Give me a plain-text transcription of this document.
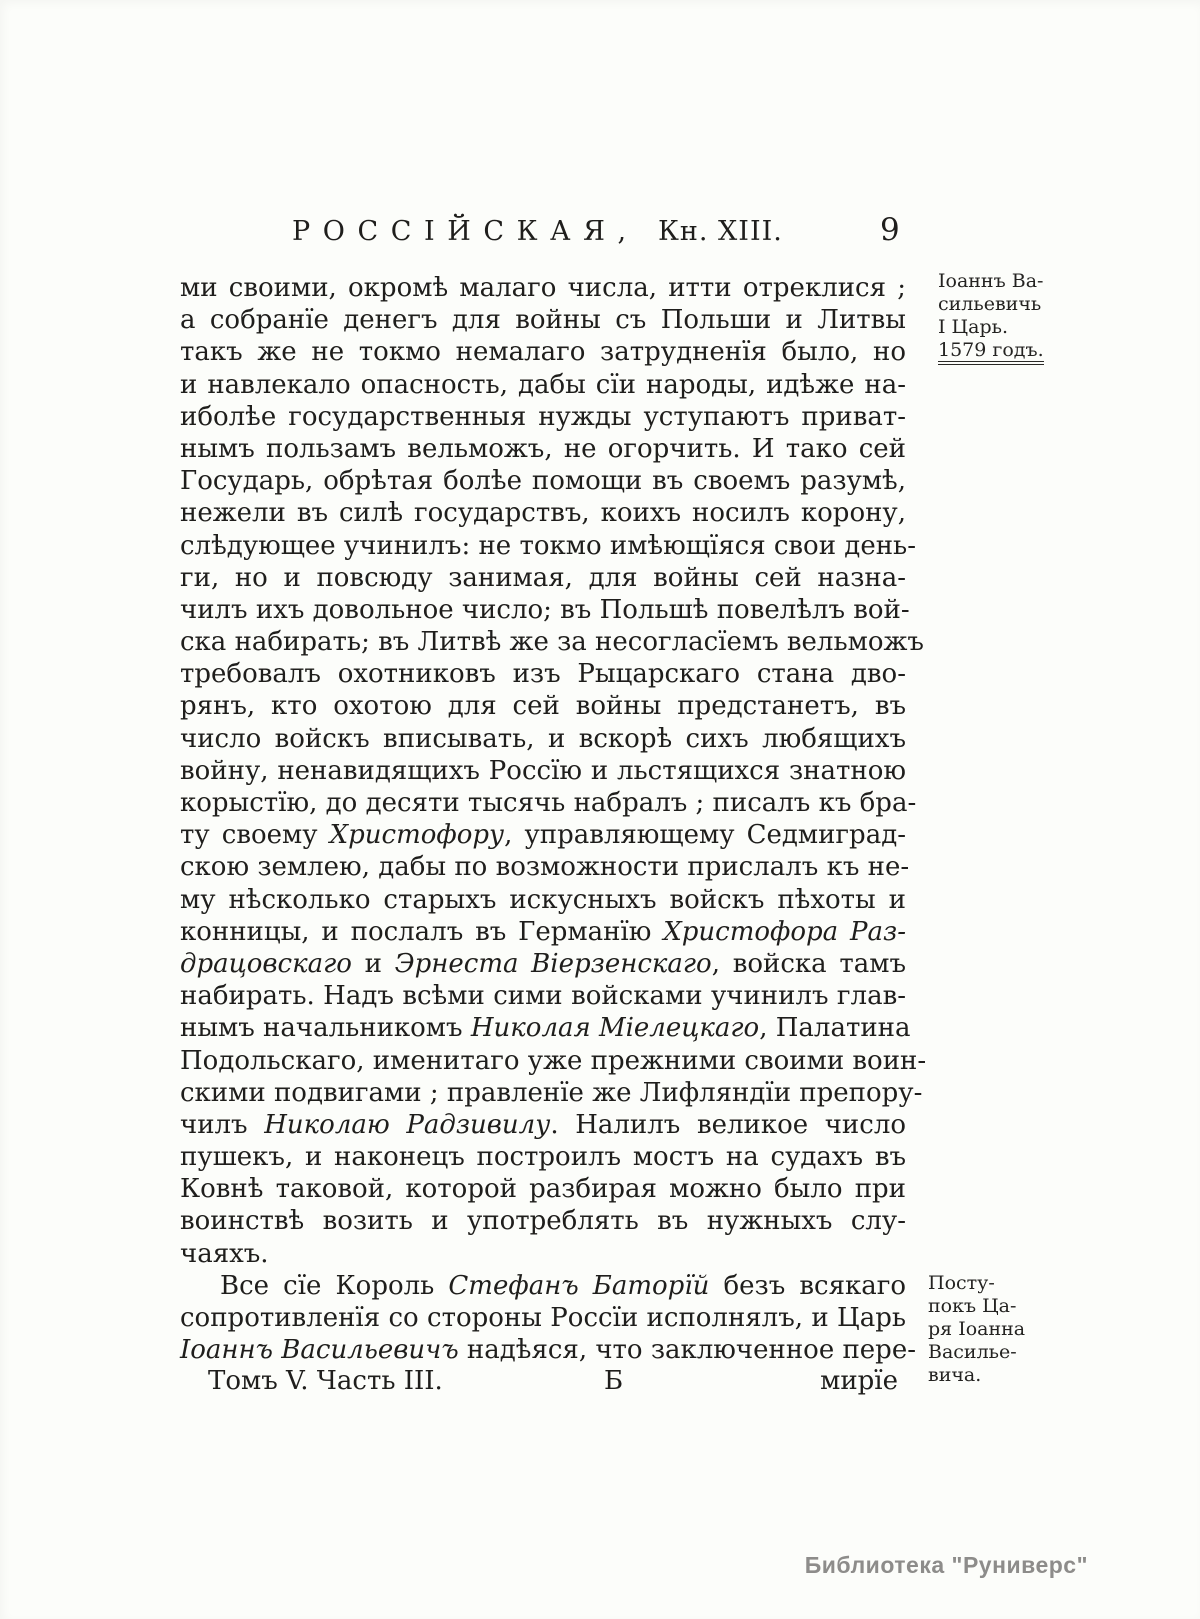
Р О С С І Й С К А Я , Кн. XIII.	9
ми своими, окромѣ малаго числа, итти отреклися ;
а собранїе денегъ для войны съ Польши и Литвы
такъ же не токмо немалаго затрудненїя было, но
и навлекало опасность, дабы сїи народы, идѣже на-
иболѣе государственныя нужды уступаютъ приват-
нымъ пользамъ вельможъ, не огорчить. И тако сей
Государь, обрѣтая болѣе помощи въ своемъ разумѣ,
нежели въ силѣ государствъ, коихъ носилъ корону,
слѣдующее учинилъ: не токмо имѣющїяся свои день-
ги, но и повсюду занимая, для войны сей назна-
чилъ ихъ довольное число; въ Польшѣ повелѣлъ вой-
ска набирать; въ Литвѣ же за несогласїемъ вельможъ
требовалъ охотниковъ изъ Рыцарскаго стана дво-
рянъ, кто охотою для сей войны предстанетъ, въ
число войскъ вписывать, и вскорѣ сихъ любящихъ
войну, ненавидящихъ Россїю и льстящихся знатною
корыстїю, до десяти тысячь набралъ ; писалъ къ бра-
ту своему Христофору, управляющему Седмиград-
скою землею, дабы по возможности прислалъ къ не-
му нѣсколько старыхъ искусныхъ войскъ пѣхоты и
конницы, и послалъ въ Германїю Христофора Раз-
драцовскаго и Эрнеста Віерзенскаго, войска тамъ
набирать. Надъ всѣми сими войсками учинилъ глав-
нымъ начальникомъ Николая Міелецкаго, Палатина
Подольскаго, именитаго уже прежними своими воин-
скими подвигами ; правленїе же Лифляндїи препору-
чилъ Николаю Радзивилу. Налилъ великое число
пушекъ, и наконецъ построилъ мостъ на судахъ въ
Ковнѣ таковой, которой разбирая можно было при
воинствѣ возить и употреблять въ нужныхъ слу-
чаяхъ.
Все сїе Король Стефанъ Баторїй безъ всякаго
сопротивленїя со стороны Россїи исполнялъ, и Царь
Іоаннъ Васильевичъ надѣяся, что заключенное пере-
Іоаннъ Ва-
сильевичь
I Царь.
1579 годъ.
Посту-
покъ Ца-
ря Іоанна
Василье-
вича.
Томъ V. Часть III.	Б	мирїе
Библиотека "Руниверс"
